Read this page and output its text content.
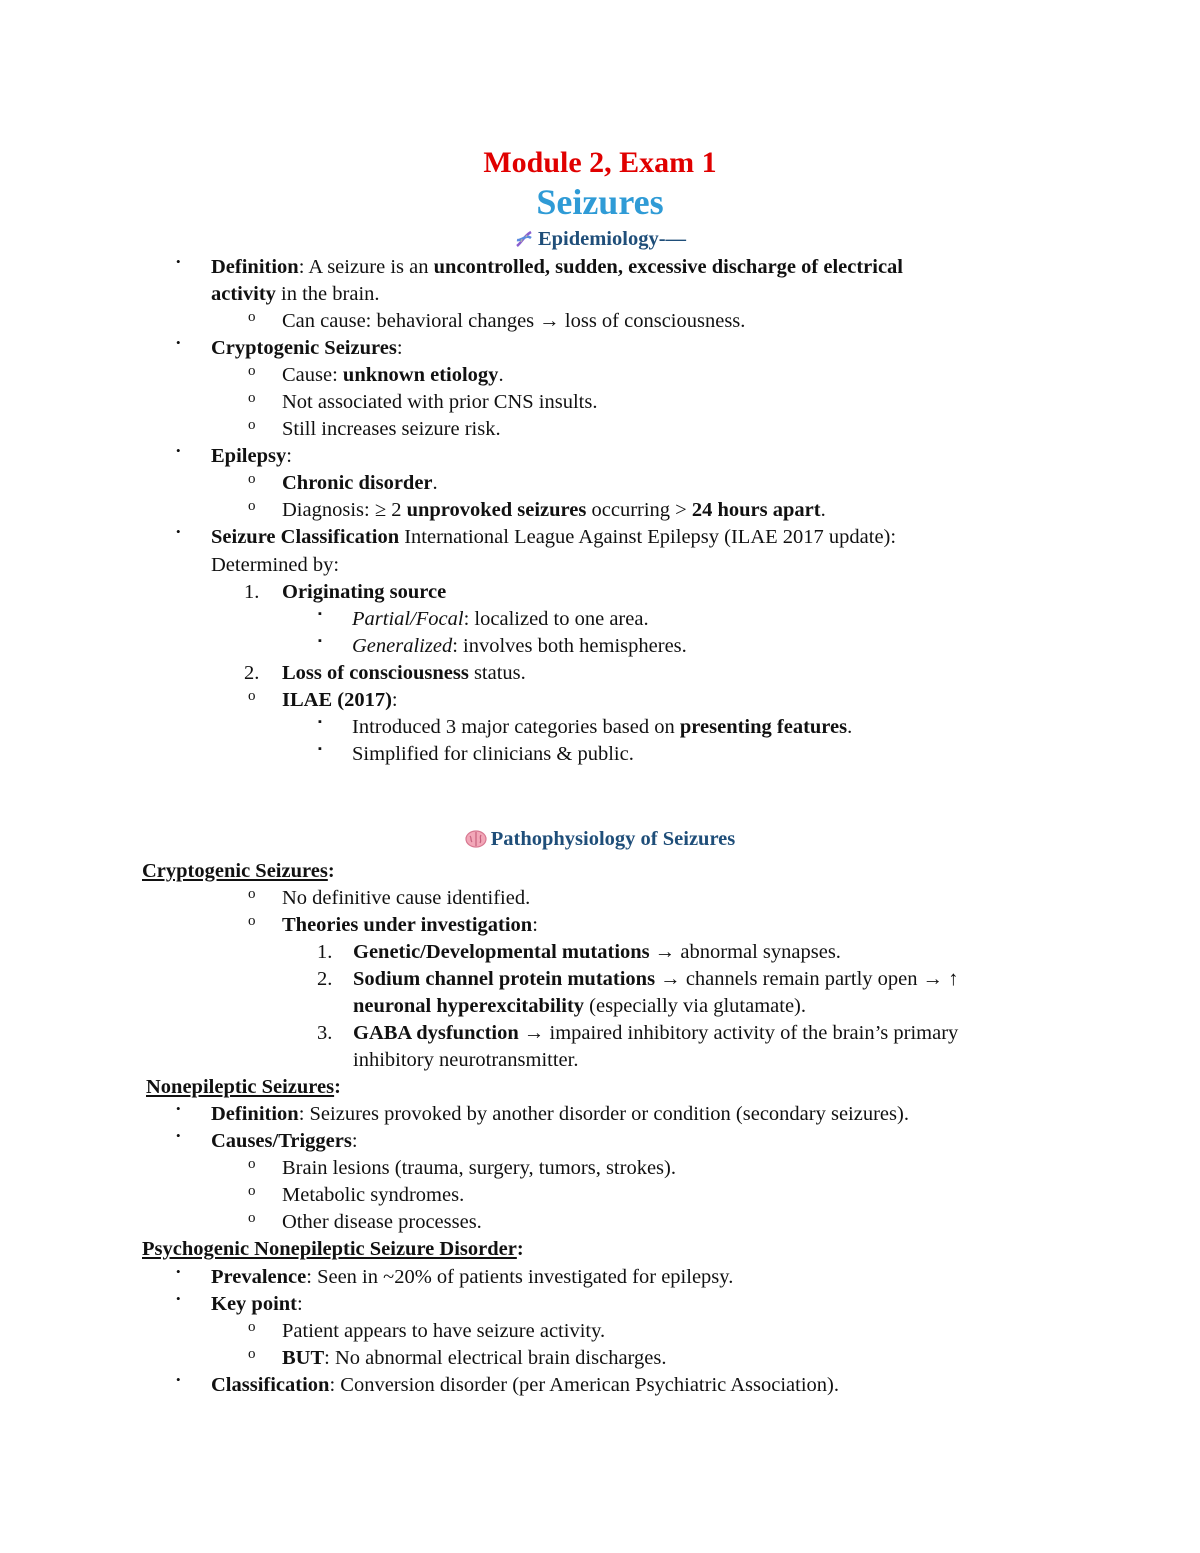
Module 2, Exam 1
Seizures
Epidemiology-—
• Definition: A seizure is an uncontrolled, sudden, excessive discharge of electrical
activity in the brain.
o Can cause: behavioral changes → loss of consciousness.
• Cryptogenic Seizures:
o Cause: unknown etiology.
o Not associated with prior CNS insults.
o Still increases seizure risk.
• Epilepsy:
o Chronic disorder.
o Diagnosis: ≥ 2 unprovoked seizures occurring > 24 hours apart.
• Seizure Classification International League Against Epilepsy (ILAE 2017 update):
Determined by:
1. Originating source
▪ Partial/Focal: localized to one area.
▪ Generalized: involves both hemispheres.
2. Loss of consciousness status.
o ILAE (2017):
▪ Introduced 3 major categories based on presenting features.
▪ Simplified for clinicians & public.
Pathophysiology of Seizures
Cryptogenic Seizures:
o No definitive cause identified.
o Theories under investigation:
1. Genetic/Developmental mutations → abnormal synapses.
2. Sodium channel protein mutations → channels remain partly open → ↑
neuronal hyperexcitability (especially via glutamate).
3. GABA dysfunction → impaired inhibitory activity of the brain’s primary
inhibitory neurotransmitter.
Nonepileptic Seizures:
• Definition: Seizures provoked by another disorder or condition (secondary seizures).
• Causes/Triggers:
o Brain lesions (trauma, surgery, tumors, strokes).
o Metabolic syndromes.
o Other disease processes.
Psychogenic Nonepileptic Seizure Disorder:
• Prevalence: Seen in ~20% of patients investigated for epilepsy.
• Key point:
o Patient appears to have seizure activity.
o BUT: No abnormal electrical brain discharges.
• Classification: Conversion disorder (per American Psychiatric Association).
